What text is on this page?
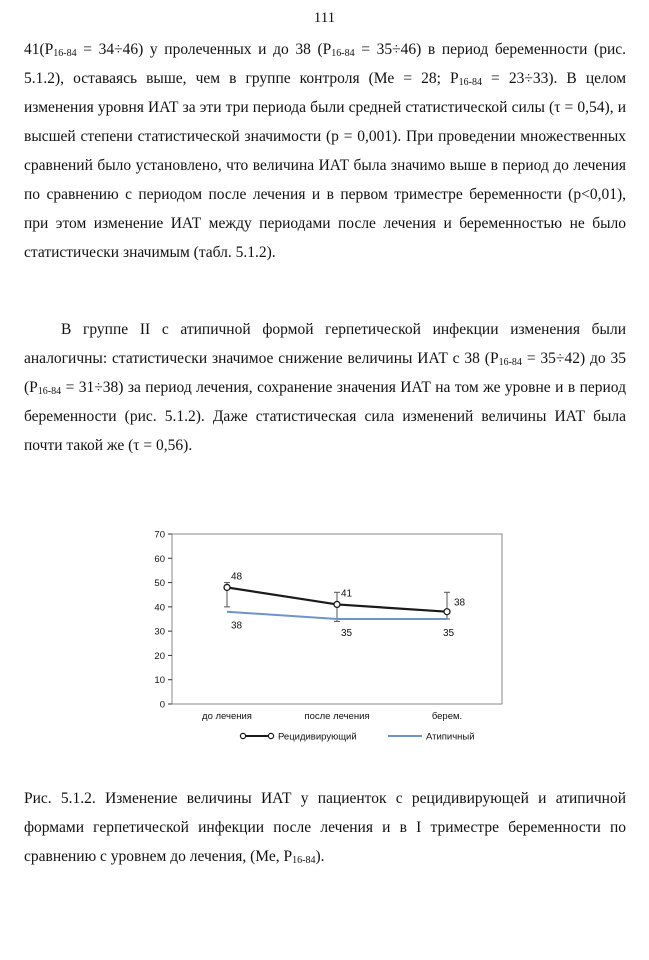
111

$41(P_{16-84} = 34\div 46)$ у пролеченных и до 38 $(P_{16-84} = 35\div 46)$ в период беременности (рис. 5.1.2), оставаясь выше, чем в группе контроля (Ме = 28; $P_{16-84} = 23\div 33$). В целом изменения уровня ИАТ за эти три периода были средней статистической силы (τ = 0,54), и высшей степени статистической значимости (p = 0,001). При проведении множественных сравнений было установлено, что величина ИАТ была значимо выше в период до лечения по сравнению с периодом после лечения и в первом триместре беременности (p<0,01), при этом изменение ИАТ между периодами после лечения и беременностью не было статистически значимым (табл. 5.1.2).

В группе II с атипичной формой герпетической инфекции изменения были аналогичны: статистически значимое снижение величины ИАТ с 38 $(P_{16-84} = 35\div 42)$ до 35 $(P_{16-84} = 31\div 38)$ за период лечения, сохранение значения ИАТ на том же уровне и в период беременности (рис. 5.1.2). Даже статистическая сила изменений величины ИАТ была почти такой же (τ = 0,56).

0
10
20
30
40
50
60
70
до лечения	после лечения	берем.
48
41
38
38
35	35
Рецидивирующий	Атипичный

Рис. 5.1.2. Изменение величины ИАТ у пациенток с рецидивирующей и атипичной формами герпетической инфекции после лечения и в I триместре беременности по сравнению с уровнем до лечения, (Ме, $P_{16-84}$).
